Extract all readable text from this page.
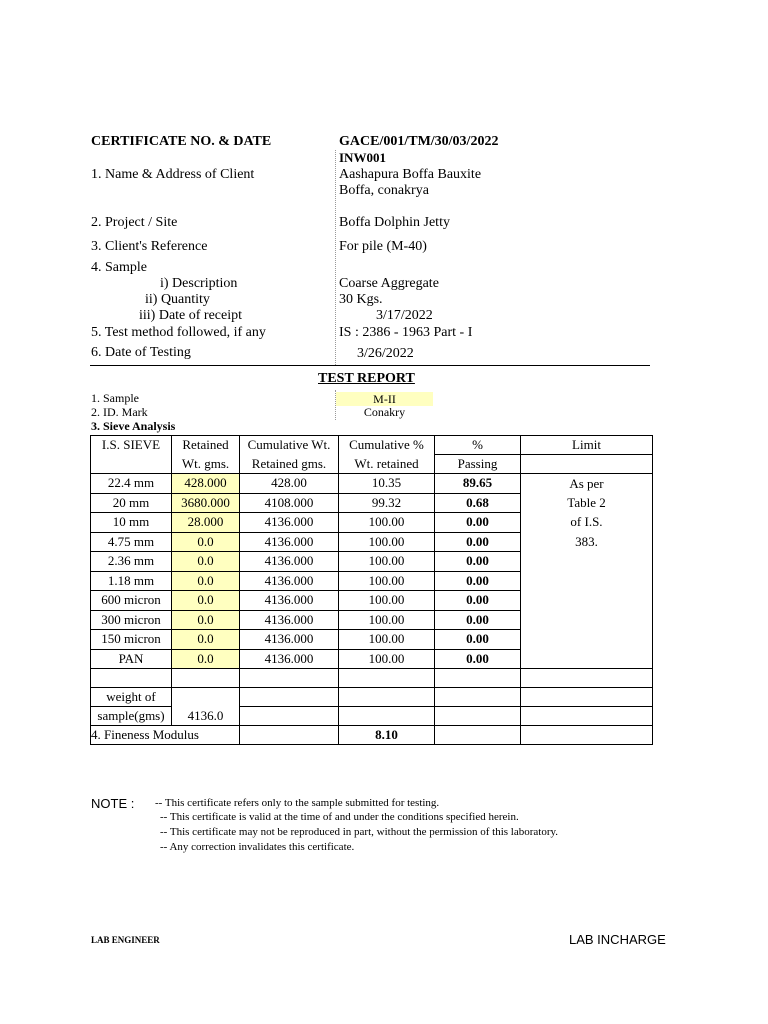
CERTIFICATE NO. & DATE	GACE/001/TM/30/03/2022
INW001
1. Name & Address of Client	Aashapura Boffa Bauxite
Boffa, conakrya
2. Project / Site	Boffa Dolphin Jetty
3. Client's Reference	For pile (M-40)
4. Sample
i) Description	Coarse Aggregate
ii) Quantity	30 Kgs.
iii) Date of receipt	3/17/2022
5. Test method followed, if any	IS : 2386 - 1963 Part - I
6. Date of Testing	3/26/2022
TEST REPORT
1. Sample	M-II
2. ID. Mark	Conakry
3. Sieve Analysis
I.S. SIEVE	Retained	Cumulative Wt.	Cumulative %	%	Limit
	Wt. gms.	Retained gms.	Wt. retained	Passing	
22.4 mm	428.000	428.00	10.35	89.65	As per
20 mm	3680.000	4108.000	99.32	0.68	Table 2
10 mm	28.000	4136.000	100.00	0.00	of I.S.
4.75 mm	0.0	4136.000	100.00	0.00	383.
2.36 mm	0.0	4136.000	100.00	0.00	
1.18 mm	0.0	4136.000	100.00	0.00	
600 micron	0.0	4136.000	100.00	0.00	
300 micron	0.0	4136.000	100.00	0.00	
150 micron	0.0	4136.000	100.00	0.00	
PAN	0.0	4136.000	100.00	0.00	

weight of					
sample(gms)	4136.0				
4. Fineness Modulus			8.10		
NOTE : -- This certificate refers only to the sample submitted for testing.
-- This certificate is valid at the time of and under the conditions specified herein.
-- This certificate may not be reproduced in part, without the permission of this laboratory.
-- Any correction invalidates this certificate.
LAB ENGINEER	LAB INCHARGE
